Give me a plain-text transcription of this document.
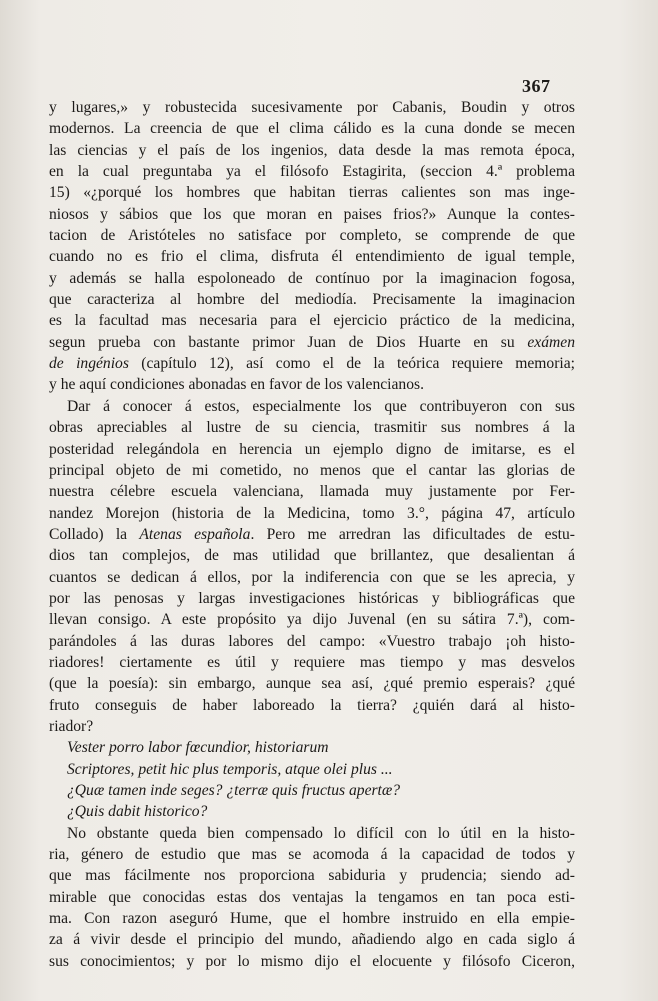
367
y lugares,» y robustecida sucesivamente por Cabanis, Boudin y otros
modernos. La creencia de que el clima cálido es la cuna donde se mecen
las ciencias y el país de los ingenios, data desde la mas remota época,
en la cual preguntaba ya el filósofo Estagirita, (seccion 4.ª problema
15) «¿porqué los hombres que habitan tierras calientes son mas inge-
niosos y sábios que los que moran en paises frios?» Aunque la contes-
tacion de Aristóteles no satisface por completo, se comprende de que
cuando no es frio el clima, disfruta él entendimiento de igual temple,
y además se halla espoloneado de contínuo por la imaginacion fogosa,
que caracteriza al hombre del mediodía. Precisamente la imaginacion
es la facultad mas necesaria para el ejercicio práctico de la medicina,
segun prueba con bastante primor Juan de Dios Huarte en su exámen
de ingénios (capítulo 12), así como el de la teórica requiere memoria;
y he aquí condiciones abonadas en favor de los valencianos.
Dar á conocer á estos, especialmente los que contribuyeron con sus
obras apreciables al lustre de su ciencia, trasmitir sus nombres á la
posteridad relegándola en herencia un ejemplo digno de imitarse, es el
principal objeto de mi cometido, no menos que el cantar las glorias de
nuestra célebre escuela valenciana, llamada muy justamente por Fer-
nandez Morejon (historia de la Medicina, tomo 3.°, página 47, artículo
Collado) la Atenas española. Pero me arredran las dificultades de estu-
dios tan complejos, de mas utilidad que brillantez, que desalientan á
cuantos se dedican á ellos, por la indiferencia con que se les aprecia, y
por las penosas y largas investigaciones históricas y bibliográficas que
llevan consigo. A este propósito ya dijo Juvenal (en su sátira 7.ª), com-
parándoles á las duras labores del campo: «Vuestro trabajo ¡oh histo-
riadores! ciertamente es útil y requiere mas tiempo y mas desvelos
(que la poesía): sin embargo, aunque sea así, ¿qué premio esperais? ¿qué
fruto conseguis de haber laboreado la tierra? ¿quién dará al histo-
riador?
Vester porro labor fœcundior, historiarum
Scriptores, petit hic plus temporis, atque olei plus ...
¿Quæ tamen inde seges? ¿terræ quis fructus apertæ?
¿Quis dabit historico?
No obstante queda bien compensado lo difícil con lo útil en la histo-
ria, género de estudio que mas se acomoda á la capacidad de todos y
que mas fácilmente nos proporciona sabiduria y prudencia; siendo ad-
mirable que conocidas estas dos ventajas la tengamos en tan poca esti-
ma. Con razon aseguró Hume, que el hombre instruido en ella empie-
za á vivir desde el principio del mundo, añadiendo algo en cada siglo á
sus conocimientos; y por lo mismo dijo el elocuente y filósofo Ciceron,
